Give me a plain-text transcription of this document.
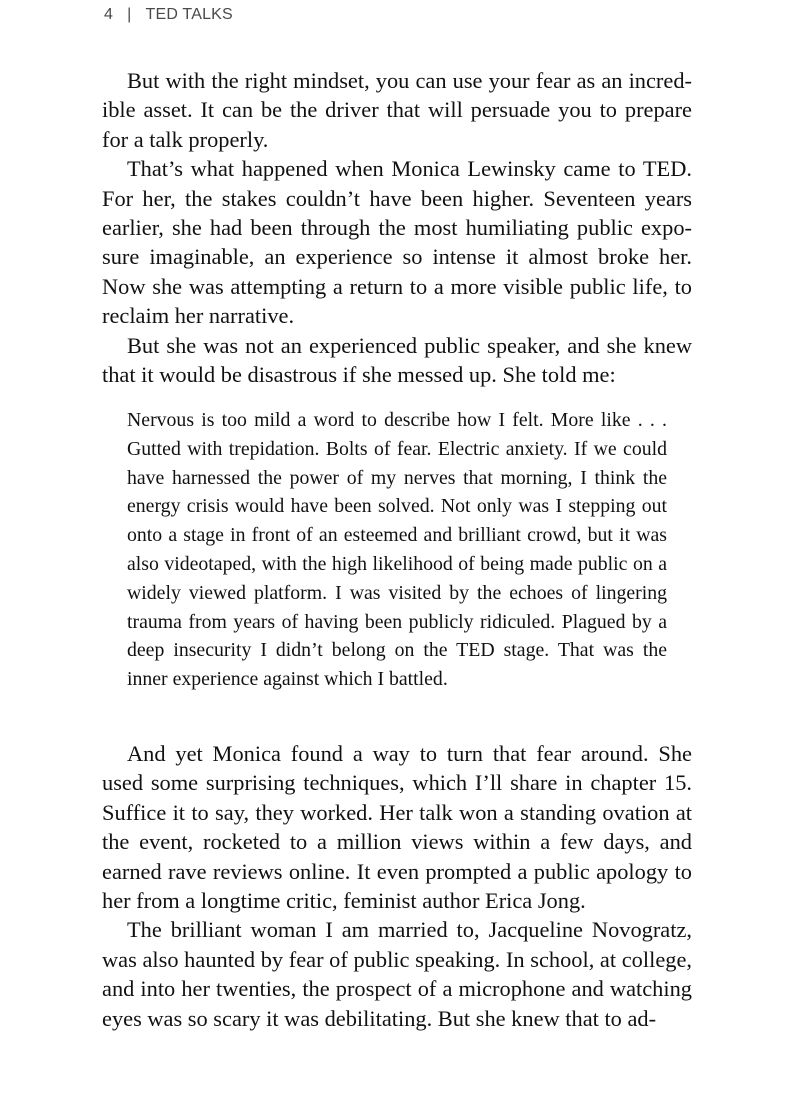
4 | TED TALKS

But with the right mindset, you can use your fear as an incredible asset. It can be the driver that will persuade you to prepare for a talk properly.

That’s what happened when Monica Lewinsky came to TED. For her, the stakes couldn’t have been higher. Seventeen years earlier, she had been through the most humiliating public exposure imaginable, an experience so intense it almost broke her. Now she was attempting a return to a more visible public life, to reclaim her narrative.

But she was not an experienced public speaker, and she knew that it would be disastrous if she messed up. She told me:

Nervous is too mild a word to describe how I felt. More like . . . Gutted with trepidation. Bolts of fear. Electric anxiety. If we could have harnessed the power of my nerves that morning, I think the energy crisis would have been solved. Not only was I stepping out onto a stage in front of an esteemed and brilliant crowd, but it was also videotaped, with the high likelihood of being made public on a widely viewed platform. I was visited by the echoes of lingering trauma from years of having been publicly ridiculed. Plagued by a deep insecurity I didn’t belong on the TED stage. That was the inner experience against which I battled.

And yet Monica found a way to turn that fear around. She used some surprising techniques, which I’ll share in chapter 15. Suffice it to say, they worked. Her talk won a standing ovation at the event, rocketed to a million views within a few days, and earned rave reviews online. It even prompted a public apology to her from a longtime critic, feminist author Erica Jong.

The brilliant woman I am married to, Jacqueline Novogratz, was also haunted by fear of public speaking. In school, at college, and into her twenties, the prospect of a microphone and watching eyes was so scary it was debilitating. But she knew that to ad-
